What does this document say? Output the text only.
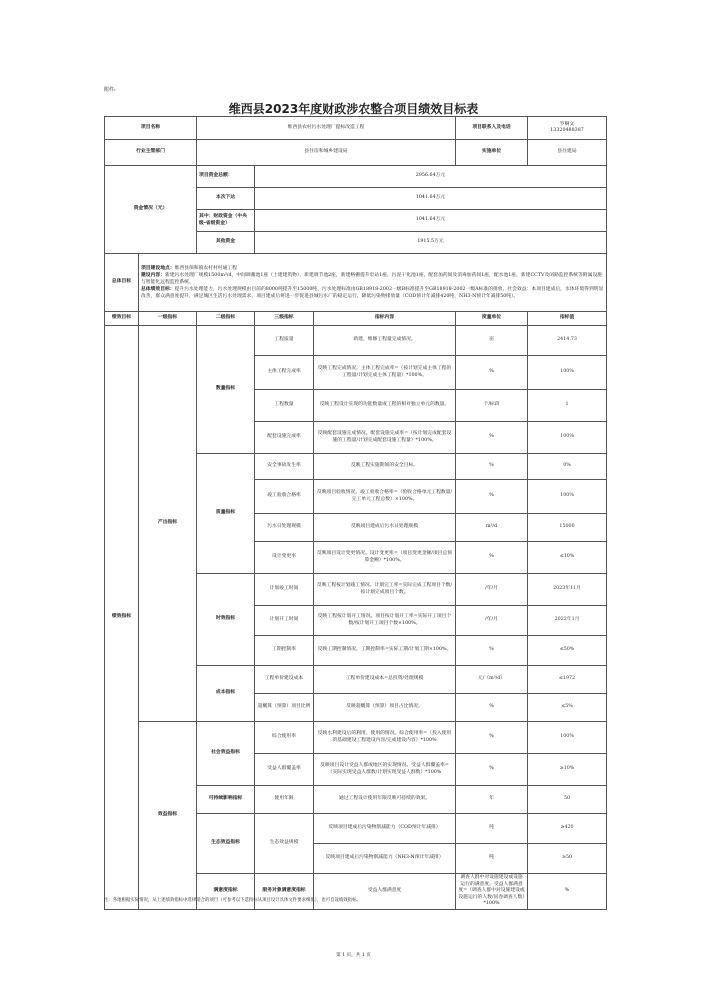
附件:
维西县2023年度财政涉农整合项目绩效目标表
项目名称		维西县农村污水处理厂提标改造工程			项目联系人及电话	罗啊文
13320488387	
行业主管部门		县住房和城乡建设局			实施单位	县住建局	
资金情况（元）		项目资金总额：	2956.64万元				
		本次下达	1041.64万元				
		其中：财政资金（中央级-省级资金）	1041.64万元				
		其他资金	1915.5万元				
总体目标	项目建设地点：维西县保和镇农村村村通工程

建设内容：新建污水处理厂规模1500m³/d，中间调蓄池1座（土建建筑物），新建调节池2座，新建格栅提升泵站1座，污泥干化池1座，配套加药间及消毒加药间1座，配水池1座，新建CCTV及闭路监控系统等附属设施与智能化远程监控系统。

总体绩效目标：提升污水处理能力，污水处理规模由目前的8000吨提升至15000吨，污水处理标准由GB18918-2002一级B标准提升至GB18918-2002一级A标准的排放，社会效益：本项目建成后，水体环境得到明显改善，群众满意度提升，满足城区生活污水处理需求，项目建成后将进一步促进县城污水厂的稳定运行，降低污染物排放量（COD预计年减排420吨，NH3-N预计年减排50吨）。						

绩效目标	一级指标	二级指标	三级指标	指标内容	度量单位	指标值	
绩效指标	产出指标	数量指标	工程质量	新建、维修工程量完成情况。	亩	2414.73	
			主体工程完成率	反映工程完成情况。主体工程完成率=（按计划完成主体工程的工程量/计划完成主体工程量）*100%。	%	100%	
			工程数量	反映工程设计实现的功能数量或工程的相对独立单元的数量。	个/标段	1	
			配套设施完成率	反映配套设施完成情况。配套设施完成率=（按计划完成配套设施的工程量/计划完成配套设施工程量）*100%。	%	100%	
		质量指标	安全事故发生率	反映工程实施期间的安全目标。	%	0%	
			竣工验收合格率	反映项目验收情况。竣工验收合格率=（验收合格单元工程数量/完工单元工程总数）×100%。	%	100%	
			污水日处理规模	反映项目建成后污水日处理规模	m³/d	15000	
			设计变更率	反映项目设计变更情况。设计变更率=（项目变更金额/项目总预算金额）*100%。	%	≤10%	
		时效指标	计划竣工时间	反映工程按计划竣工情况。计划完工率=实际完成工程项目个数/按计划完成项目个数。	/年/月	2023年11月	
			计划开工时间	反映工程按计划开工情况。项目按计划开工率=实际开工项目个数/按计划开工项目个数×100%。	/年/月	2022年1月	
			工期控制率	反映工期控制情况。工期控制率=实际工期/计划工期×100%。	%	≤50%	
		成本指标	工程单价建设成本	工程单价建设成本=总投资/处理规模	元/（m³/d）	≤1972	
			超概算（预算）项目比例	反映超概算（预算）项目占比情况。	%	≤5%	
	效益指标	社会效益指标	综合使用率	反映水利建设后的利用、使用的情况。综合使用率=（投入使用的基础建设工程建设内容/完成建设内容）*100%	%	100%	
			受益人群覆盖率	反映项目设计受益人群或地区的实现情况。受益人群覆盖率=（实际实现受益人群数/计划实现受益人群数）*100%	%	≥10%	
		可持续影响指标	使用年限	通过工程设计使用年限反映可持续的效果。	年	50	
		生态效益指标	生态效益规模	反映项目建成后污染物削减能力（COD预计年减排）	吨	≥420	
				反映项目建成后污染物削减能力（NH3-N预计年减排）	吨	≥50	
		满意度指标	服务对象满意度指标	受益人群满意度	调查人群中对设施建设或设施运行的满意度。受益人群满意度=（调查人群中对设施建设或设施运行的人数/问卷调查人数）*100%	%	
注：各地根据实际情况，从上述绩效指标中选择适合的项目（可参考以下选指标从项目设计具体文件要求细化），也可自设绩效指标。
第 1 页，共 1 页
